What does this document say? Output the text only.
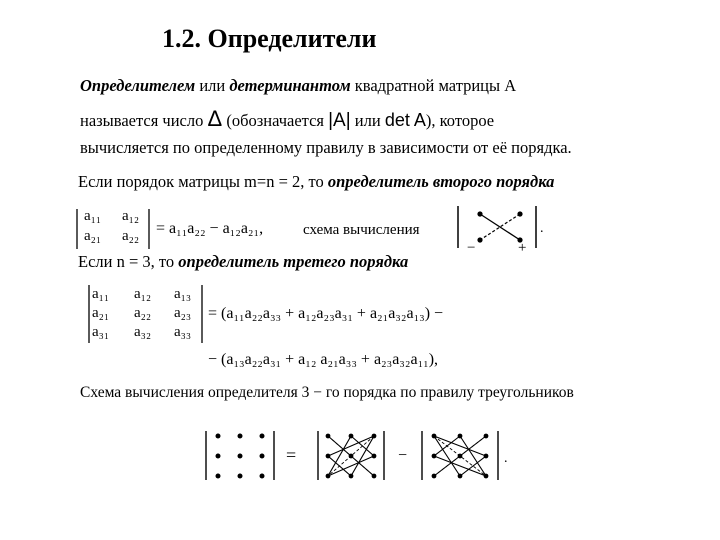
1.2. Определители
Определителем или детерминантом квадратной матрицы А
называется число Δ (обозначается |A| или det A), которое
вычисляется по определенному правилу в зависимости от её порядка.
Если порядок матрицы m=n = 2, то определитель второго порядка
a₁₁ a₁₂
a₂₁ a₂₂ = a₁₁a₂₂ − a₁₂a₂₁,	схема вычисления
−	+
.
Если n = 3, то определитель третего порядка
a₁₁ a₁₂ a₁₃
a₂₁ a₂₂ a₂₃
a₃₁ a₃₂ a₃₃
= (a₁₁a₂₂a₃₃ + a₁₂a₂₃a₃₁ + a₂₁a₃₂a₁₃) −
− (a₁₃a₂₂a₃₁ + a₁₂ a₂₁a₃₃ + a₂₃a₃₂a₁₁),
Схема вычисления определителя 3 − го порядка по правилу треугольников
=	−	.
